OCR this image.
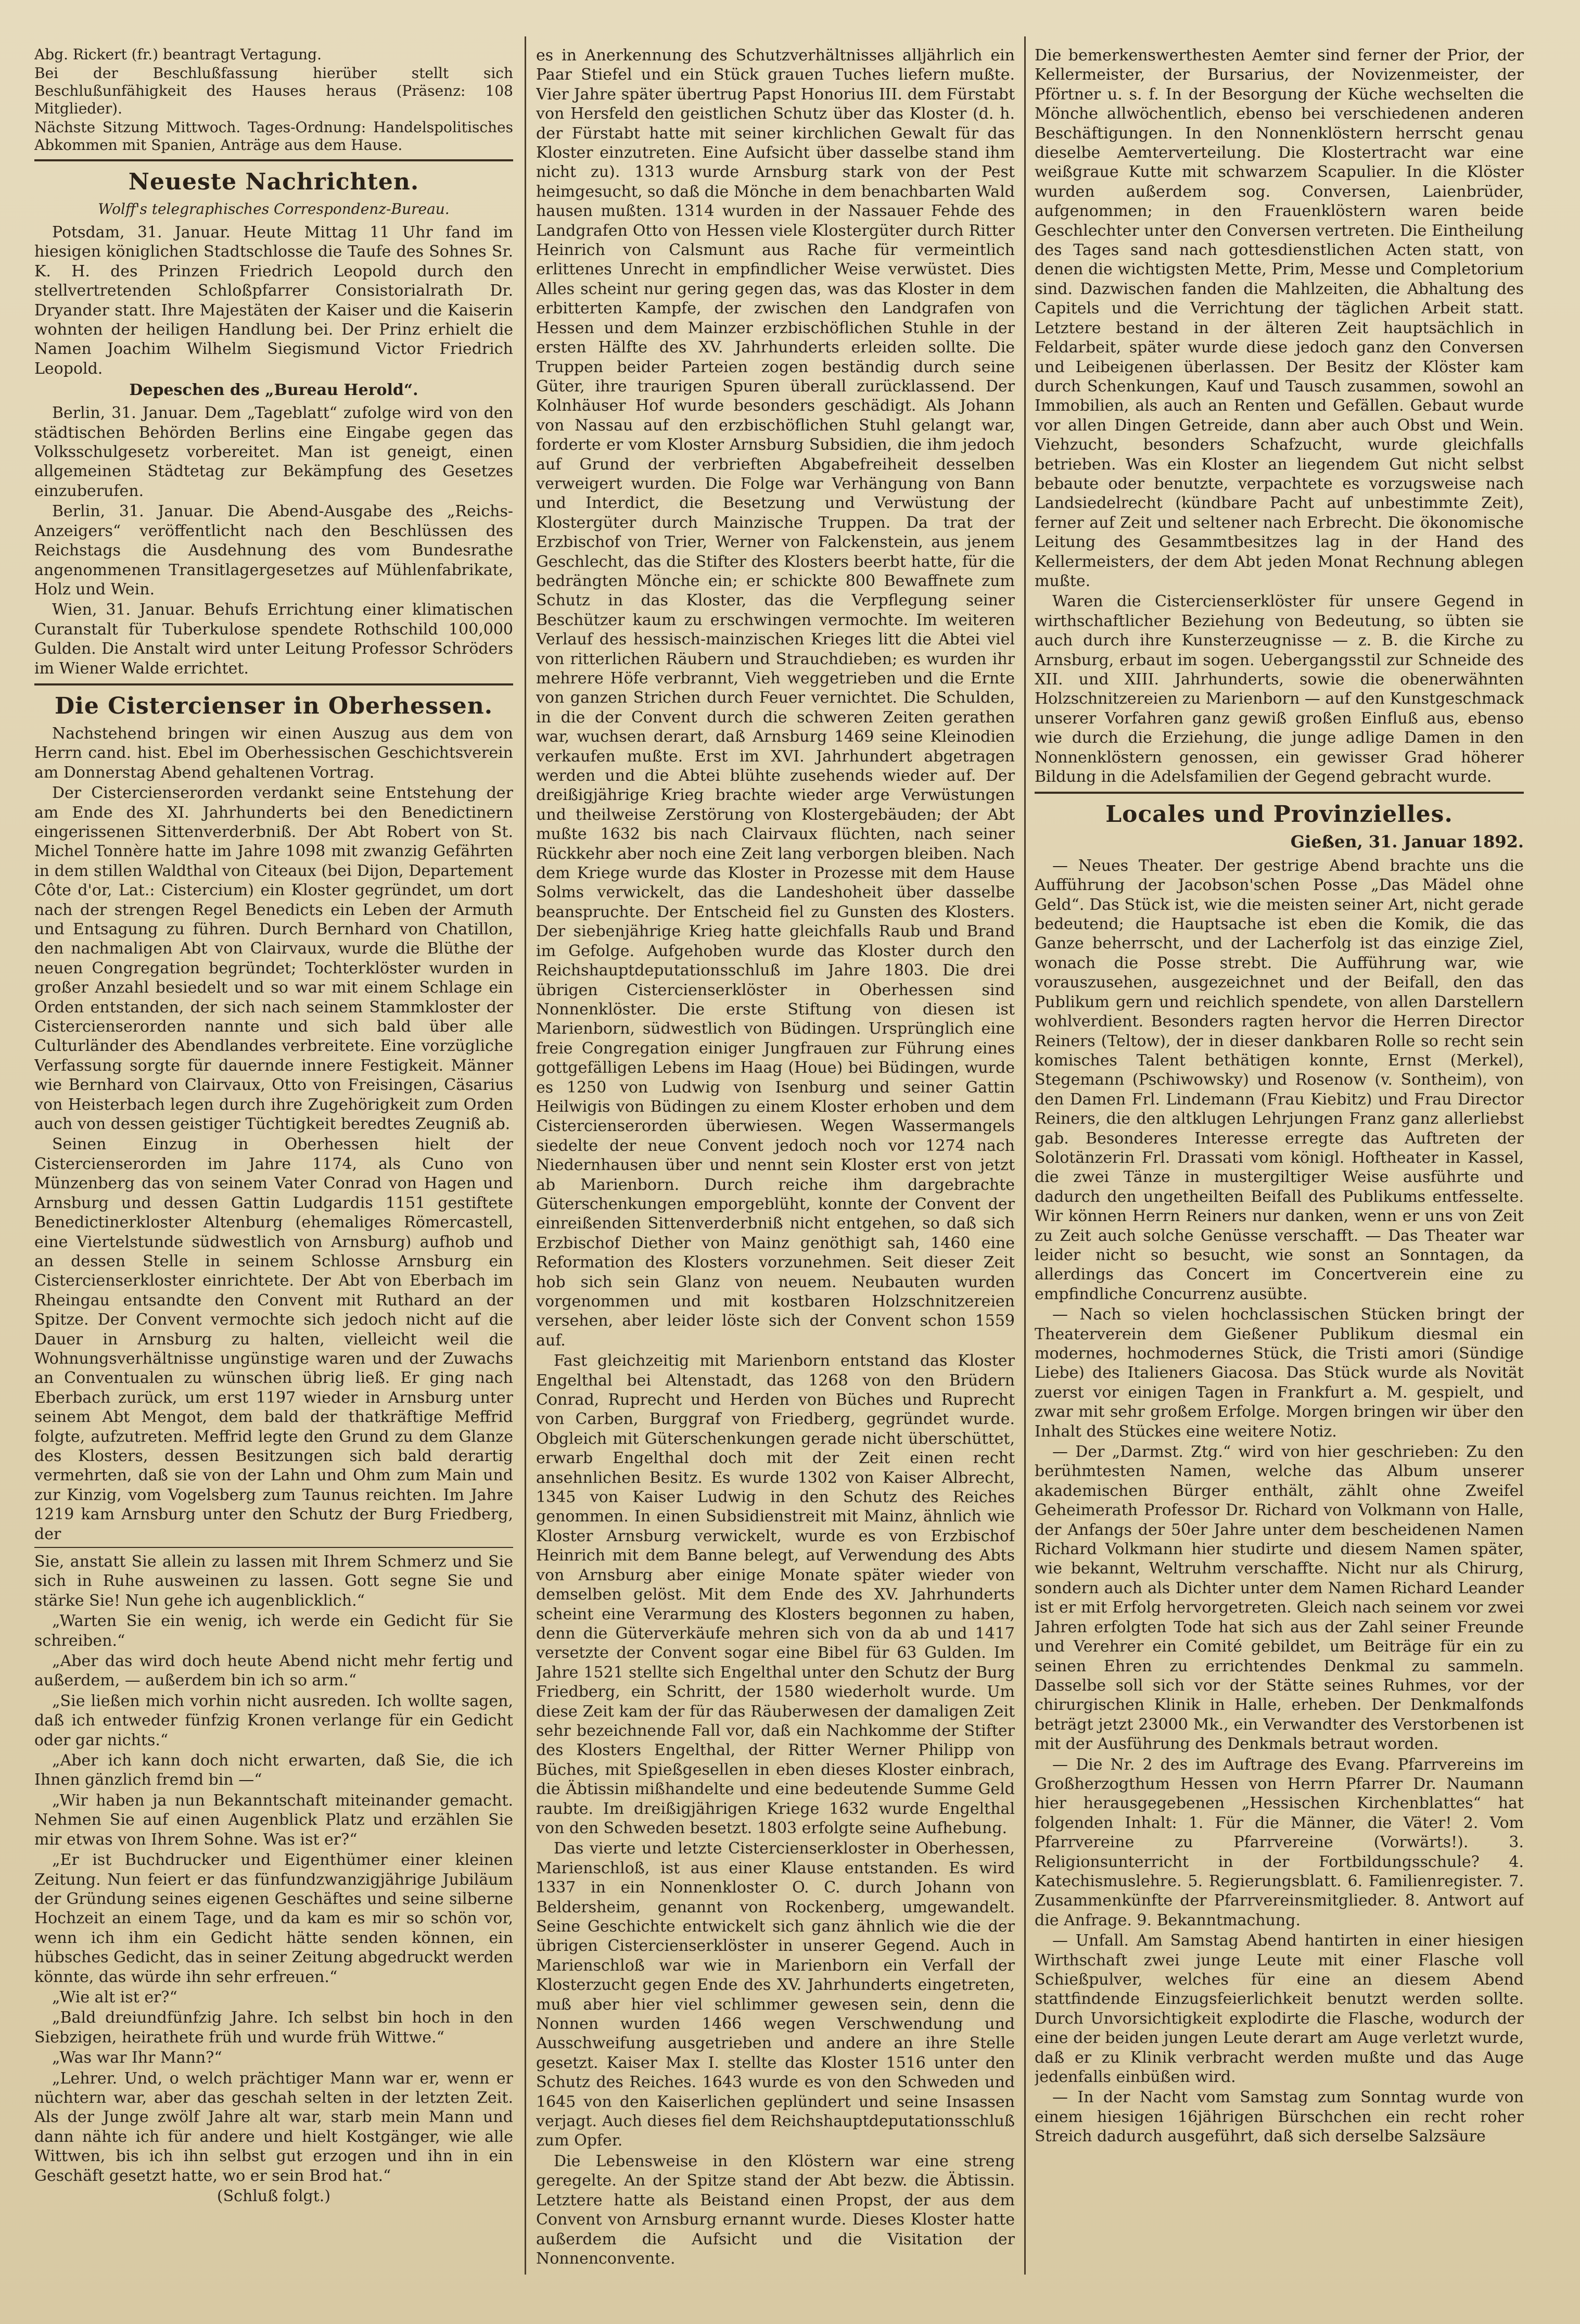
Abg. Rickert (fr.) beantragt Vertagung.

Bei der Beschlußfassung hierüber stellt sich Beschlußunfähigkeit des Hauses heraus (Präsenz: 108 Mitglieder).

Nächste Sitzung Mittwoch. Tages-Ordnung: Handelspolitisches Abkommen mit Spanien, Anträge aus dem Hause.

Neueste Nachrichten.
Wolff's telegraphisches Correspondenz-Bureau.

Potsdam, 31. Januar. Heute Mittag 11 Uhr fand im hiesigen königlichen Stadtschlosse die Taufe des Sohnes Sr. K. H. des Prinzen Friedrich Leopold durch den stellvertretenden Schloßpfarrer Consistorialrath Dr. Dryander statt. Ihre Majestäten der Kaiser und die Kaiserin wohnten der heiligen Handlung bei. Der Prinz erhielt die Namen Joachim Wilhelm Siegismund Victor Friedrich Leopold.

Depeschen des „Bureau Herold“.

Berlin, 31. Januar. Dem „Tageblatt“ zufolge wird von den städtischen Behörden Berlins eine Eingabe gegen das Volksschulgesetz vorbereitet. Man ist geneigt, einen allgemeinen Städtetag zur Bekämpfung des Gesetzes einzuberufen.

Berlin, 31. Januar. Die Abend-Ausgabe des „Reichs-Anzeigers“ veröffentlicht nach den Beschlüssen des Reichstags die Ausdehnung des vom Bundesrathe angenommenen Transitlagergesetzes auf Mühlenfabrikate, Holz und Wein.

Wien, 31. Januar. Behufs Errichtung einer klimatischen Curanstalt für Tuberkulose spendete Rothschild 100,000 Gulden. Die Anstalt wird unter Leitung Professor Schröders im Wiener Walde errichtet.

Die Cistercienser in Oberhessen.

Nachstehend bringen wir einen Auszug aus dem von Herrn cand. hist. Ebel im Oberhessischen Geschichtsverein am Donnerstag Abend gehaltenen Vortrag.

Der Cistercienserorden verdankt seine Entstehung der am Ende des XI. Jahrhunderts bei den Benedictinern eingerissenen Sittenverderbniß. Der Abt Robert von St. Michel Tonnère hatte im Jahre 1098 mit zwanzig Gefährten in dem stillen Waldthal von Citeaux (bei Dijon, Departement Côte d'or, Lat.: Cistercium) ein Kloster gegründet, um dort nach der strengen Regel Benedicts ein Leben der Armuth und Entsagung zu führen. Durch Bernhard von Chatillon, den nachmaligen Abt von Clairvaux, wurde die Blüthe der neuen Congregation begründet; Tochterklöster wurden in großer Anzahl besiedelt und so war mit einem Schlage ein Orden entstanden, der sich nach seinem Stammkloster der Cistercienserorden nannte und sich bald über alle Culturländer des Abendlandes verbreitete. Eine vorzügliche Verfassung sorgte für dauernde innere Festigkeit. Männer wie Bernhard von Clairvaux, Otto von Freisingen, Cäsarius von Heisterbach legen durch ihre Zugehörigkeit zum Orden auch von dessen geistiger Tüchtigkeit beredtes Zeugniß ab.

Seinen Einzug in Oberhessen hielt der Cistercienserorden im Jahre 1174, als Cuno von Münzenberg das von seinem Vater Conrad von Hagen und Arnsburg und dessen Gattin Ludgardis 1151 gestiftete Benedictinerkloster Altenburg (ehemaliges Römercastell, eine Viertelstunde südwestlich von Arnsburg) aufhob und an dessen Stelle in seinem Schlosse Arnsburg ein Cistercienserkloster einrichtete. Der Abt von Eberbach im Rheingau entsandte den Convent mit Ruthard an der Spitze. Der Convent vermochte sich jedoch nicht auf die Dauer in Arnsburg zu halten, vielleicht weil die Wohnungsverhältnisse ungünstige waren und der Zuwachs an Conventualen zu wünschen übrig ließ. Er ging nach Eberbach zurück, um erst 1197 wieder in Arnsburg unter seinem Abt Mengot, dem bald der thatkräftige Meffrid folgte, aufzutreten. Meffrid legte den Grund zu dem Glanze des Klosters, dessen Besitzungen sich bald derartig vermehrten, daß sie von der Lahn und Ohm zum Main und zur Kinzig, vom Vogelsberg zum Taunus reichten. Im Jahre 1219 kam Arnsburg unter den Schutz der Burg Friedberg, der

Sie, anstatt Sie allein zu lassen mit Ihrem Schmerz und Sie sich in Ruhe ausweinen zu lassen. Gott segne Sie und stärke Sie! Nun gehe ich augenblicklich.“

„Warten Sie ein wenig, ich werde ein Gedicht für Sie schreiben.“

„Aber das wird doch heute Abend nicht mehr fertig und außerdem, — außerdem bin ich so arm.“

„Sie ließen mich vorhin nicht ausreden. Ich wollte sagen, daß ich entweder fünfzig Kronen verlange für ein Gedicht oder gar nichts.“

„Aber ich kann doch nicht erwarten, daß Sie, die ich Ihnen gänzlich fremd bin —“

„Wir haben ja nun Bekanntschaft miteinander gemacht. Nehmen Sie auf einen Augenblick Platz und erzählen Sie mir etwas von Ihrem Sohne. Was ist er?“

„Er ist Buchdrucker und Eigenthümer einer kleinen Zeitung. Nun feiert er das fünfundzwanzigjährige Jubiläum der Gründung seines eigenen Geschäftes und seine silberne Hochzeit an einem Tage, und da kam es mir so schön vor, wenn ich ihm ein Gedicht hätte senden können, ein hübsches Gedicht, das in seiner Zeitung abgedruckt werden könnte, das würde ihn sehr erfreuen.“

„Wie alt ist er?“

„Bald dreiundfünfzig Jahre. Ich selbst bin hoch in den Siebzigen, heirathete früh und wurde früh Wittwe.“

„Was war Ihr Mann?“

„Lehrer. Und, o welch prächtiger Mann war er, wenn er nüchtern war, aber das geschah selten in der letzten Zeit. Als der Junge zwölf Jahre alt war, starb mein Mann und dann nähte ich für andere und hielt Kostgänger, wie alle Wittwen, bis ich ihn selbst gut erzogen und ihn in ein Geschäft gesetzt hatte, wo er sein Brod hat.“

(Schluß folgt.)

es in Anerkennung des Schutzverhältnisses alljährlich ein Paar Stiefel und ein Stück grauen Tuches liefern mußte. Vier Jahre später übertrug Papst Honorius III. dem Fürstabt von Hersfeld den geistlichen Schutz über das Kloster (d. h. der Fürstabt hatte mit seiner kirchlichen Gewalt für das Kloster einzutreten. Eine Aufsicht über dasselbe stand ihm nicht zu). 1313 wurde Arnsburg stark von der Pest heimgesucht, so daß die Mönche in dem benachbarten Wald hausen mußten. 1314 wurden in der Nassauer Fehde des Landgrafen Otto von Hessen viele Klostergüter durch Ritter Heinrich von Calsmunt aus Rache für vermeintlich erlittenes Unrecht in empfindlicher Weise verwüstet. Dies Alles scheint nur gering gegen das, was das Kloster in dem erbitterten Kampfe, der zwischen den Landgrafen von Hessen und dem Mainzer erzbischöflichen Stuhle in der ersten Hälfte des XV. Jahrhunderts erleiden sollte. Die Truppen beider Parteien zogen beständig durch seine Güter, ihre traurigen Spuren überall zurücklassend. Der Kolnhäuser Hof wurde besonders geschädigt. Als Johann von Nassau auf den erzbischöflichen Stuhl gelangt war, forderte er vom Kloster Arnsburg Subsidien, die ihm jedoch auf Grund der verbrieften Abgabefreiheit desselben verweigert wurden. Die Folge war Verhängung von Bann und Interdict, die Besetzung und Verwüstung der Klostergüter durch Mainzische Truppen. Da trat der Erzbischof von Trier, Werner von Falckenstein, aus jenem Geschlecht, das die Stifter des Klosters beerbt hatte, für die bedrängten Mönche ein; er schickte 800 Bewaffnete zum Schutz in das Kloster, das die Verpflegung seiner Beschützer kaum zu erschwingen vermochte. Im weiteren Verlauf des hessisch-mainzischen Krieges litt die Abtei viel von ritterlichen Räubern und Strauchdieben; es wurden ihr mehrere Höfe verbrannt, Vieh weggetrieben und die Ernte von ganzen Strichen durch Feuer vernichtet. Die Schulden, in die der Convent durch die schweren Zeiten gerathen war, wuchsen derart, daß Arnsburg 1469 seine Kleinodien verkaufen mußte. Erst im XVI. Jahrhundert abgetragen werden und die Abtei blühte zusehends wieder auf. Der dreißigjährige Krieg brachte wieder arge Verwüstungen und theilweise Zerstörung von Klostergebäuden; der Abt mußte 1632 bis nach Clairvaux flüchten, nach seiner Rückkehr aber noch eine Zeit lang verborgen bleiben. Nach dem Kriege wurde das Kloster in Prozesse mit dem Hause Solms verwickelt, das die Landeshoheit über dasselbe beanspruchte. Der Entscheid fiel zu Gunsten des Klosters. Der siebenjährige Krieg hatte gleichfalls Raub und Brand im Gefolge. Aufgehoben wurde das Kloster durch den Reichshauptdeputationsschluß im Jahre 1803. Die drei übrigen Cistercienserklöster in Oberhessen sind Nonnenklöster. Die erste Stiftung von diesen ist Marienborn, südwestlich von Büdingen. Ursprünglich eine freie Congregation einiger Jungfrauen zur Führung eines gottgefälligen Lebens im Haag (Houe) bei Büdingen, wurde es 1250 von Ludwig von Isenburg und seiner Gattin Heilwigis von Büdingen zu einem Kloster erhoben und dem Cistercienserorden überwiesen. Wegen Wassermangels siedelte der neue Convent jedoch noch vor 1274 nach Niedernhausen über und nennt sein Kloster erst von jetzt ab Marienborn. Durch reiche ihm dargebrachte Güterschenkungen emporgeblüht, konnte der Convent der einreißenden Sittenverderbniß nicht entgehen, so daß sich Erzbischof Diether von Mainz genöthigt sah, 1460 eine Reformation des Klosters vorzunehmen. Seit dieser Zeit hob sich sein Glanz von neuem. Neubauten wurden vorgenommen und mit kostbaren Holzschnitzereien versehen, aber leider löste sich der Convent schon 1559 auf.

Fast gleichzeitig mit Marienborn entstand das Kloster Engelthal bei Altenstadt, das 1268 von den Brüdern Conrad, Ruprecht und Herden von Büches und Ruprecht von Carben, Burggraf von Friedberg, gegründet wurde. Obgleich mit Güterschenkungen gerade nicht überschüttet, erwarb Engelthal doch mit der Zeit einen recht ansehnlichen Besitz. Es wurde 1302 von Kaiser Albrecht, 1345 von Kaiser Ludwig in den Schutz des Reiches genommen. In einen Subsidienstreit mit Mainz, ähnlich wie Kloster Arnsburg verwickelt, wurde es von Erzbischof Heinrich mit dem Banne belegt, auf Verwendung des Abts von Arnsburg aber einige Monate später wieder von demselben gelöst. Mit dem Ende des XV. Jahrhunderts scheint eine Verarmung des Klosters begonnen zu haben, denn die Güterverkäufe mehren sich von da ab und 1417 versetzte der Convent sogar eine Bibel für 63 Gulden. Im Jahre 1521 stellte sich Engelthal unter den Schutz der Burg Friedberg, ein Schritt, der 1580 wiederholt wurde. Um diese Zeit kam der für das Räuberwesen der damaligen Zeit sehr bezeichnende Fall vor, daß ein Nachkomme der Stifter des Klosters Engelthal, der Ritter Werner Philipp von Büches, mit Spießgesellen in eben dieses Kloster einbrach, die Äbtissin mißhandelte und eine bedeutende Summe Geld raubte. Im dreißigjährigen Kriege 1632 wurde Engelthal von den Schweden besetzt. 1803 erfolgte seine Aufhebung.

Das vierte und letzte Cistercienserkloster in Oberhessen, Marienschloß, ist aus einer Klause entstanden. Es wird 1337 in ein Nonnenkloster O. C. durch Johann von Beldersheim, genannt von Rockenberg, umgewandelt. Seine Geschichte entwickelt sich ganz ähnlich wie die der übrigen Cistercienserklöster in unserer Gegend. Auch in Marienschloß war wie in Marienborn ein Verfall der Klosterzucht gegen Ende des XV. Jahrhunderts eingetreten, muß aber hier viel schlimmer gewesen sein, denn die Nonnen wurden 1466 wegen Verschwendung und Ausschweifung ausgetrieben und andere an ihre Stelle gesetzt. Kaiser Max I. stellte das Kloster 1516 unter den Schutz des Reiches. 1643 wurde es von den Schweden und 1645 von den Kaiserlichen geplündert und seine Insassen verjagt. Auch dieses fiel dem Reichshauptdeputationsschluß zum Opfer.

Die Lebensweise in den Klöstern war eine streng geregelte. An der Spitze stand der Abt bezw. die Äbtissin. Letztere hatte als Beistand einen Propst, der aus dem Convent von Arnsburg ernannt wurde. Dieses Kloster hatte außerdem die Aufsicht und die Visitation der Nonnenconvente.

Die bemerkenswerthesten Aemter sind ferner der Prior, der Kellermeister, der Bursarius, der Novizenmeister, der Pförtner u. s. f. In der Besorgung der Küche wechselten die Mönche allwöchentlich, ebenso bei verschiedenen anderen Beschäftigungen. In den Nonnenklöstern herrscht genau dieselbe Aemterverteilung. Die Klostertracht war eine weißgraue Kutte mit schwarzem Scapulier. In die Klöster wurden außerdem sog. Conversen, Laienbrüder, aufgenommen; in den Frauenklöstern waren beide Geschlechter unter den Conversen vertreten. Die Eintheilung des Tages sand nach gottesdienstlichen Acten statt, von denen die wichtigsten Mette, Prim, Messe und Completorium sind. Dazwischen fanden die Mahlzeiten, die Abhaltung des Capitels und die Verrichtung der täglichen Arbeit statt. Letztere bestand in der älteren Zeit hauptsächlich in Feldarbeit, später wurde diese jedoch ganz den Conversen und Leibeigenen überlassen. Der Besitz der Klöster kam durch Schenkungen, Kauf und Tausch zusammen, sowohl an Immobilien, als auch an Renten und Gefällen. Gebaut wurde vor allen Dingen Getreide, dann aber auch Obst und Wein. Viehzucht, besonders Schafzucht, wurde gleichfalls betrieben. Was ein Kloster an liegendem Gut nicht selbst bebaute oder benutzte, verpachtete es vorzugsweise nach Landsiedelrecht (kündbare Pacht auf unbestimmte Zeit), ferner auf Zeit und seltener nach Erbrecht. Die ökonomische Leitung des Gesammtbesitzes lag in der Hand des Kellermeisters, der dem Abt jeden Monat Rechnung ablegen mußte.

Waren die Cistercienserklöster für unsere Gegend in wirthschaftlicher Beziehung von Bedeutung, so übten sie auch durch ihre Kunsterzeugnisse — z. B. die Kirche zu Arnsburg, erbaut im sogen. Uebergangsstil zur Schneide des XII. und XIII. Jahrhunderts, sowie die obenerwähnten Holzschnitzereien zu Marienborn — auf den Kunstgeschmack unserer Vorfahren ganz gewiß großen Einfluß aus, ebenso wie durch die Erziehung, die junge adlige Damen in den Nonnenklöstern genossen, ein gewisser Grad höherer Bildung in die Adelsfamilien der Gegend gebracht wurde.

Locales und Provinzielles.
Gießen, 31. Januar 1892.

— Neues Theater. Der gestrige Abend brachte uns die Aufführung der Jacobson'schen Posse „Das Mädel ohne Geld“. Das Stück ist, wie die meisten seiner Art, nicht gerade bedeutend; die Hauptsache ist eben die Komik, die das Ganze beherrscht, und der Lacherfolg ist das einzige Ziel, wonach die Posse strebt. Die Aufführung war, wie vorauszusehen, ausgezeichnet und der Beifall, den das Publikum gern und reichlich spendete, von allen Darstellern wohlverdient. Besonders ragten hervor die Herren Director Reiners (Teltow), der in dieser dankbaren Rolle so recht sein komisches Talent bethätigen konnte, Ernst (Merkel), Stegemann (Pschiwowsky) und Rosenow (v. Sontheim), von den Damen Frl. Lindemann (Frau Kiebitz) und Frau Director Reiners, die den altklugen Lehrjungen Franz ganz allerliebst gab. Besonderes Interesse erregte das Auftreten der Solotänzerin Frl. Drassati vom königl. Hoftheater in Kassel, die zwei Tänze in mustergiltiger Weise ausführte und dadurch den ungetheilten Beifall des Publikums entfesselte. Wir können Herrn Reiners nur danken, wenn er uns von Zeit zu Zeit auch solche Genüsse verschafft. — Das Theater war leider nicht so besucht, wie sonst an Sonntagen, da allerdings das Concert im Concertverein eine zu empfindliche Concurrenz ausübte.

— Nach so vielen hochclassischen Stücken bringt der Theaterverein dem Gießener Publikum diesmal ein modernes, hochmodernes Stück, die Tristi amori (Sündige Liebe) des Italieners Giacosa. Das Stück wurde als Novität zuerst vor einigen Tagen in Frankfurt a. M. gespielt, und zwar mit sehr großem Erfolge. Morgen bringen wir über den Inhalt des Stückes eine weitere Notiz.

— Der „Darmst. Ztg.“ wird von hier geschrieben: Zu den berühmtesten Namen, welche das Album unserer akademischen Bürger enthält, zählt ohne Zweifel Geheimerath Professor Dr. Richard von Volkmann von Halle, der Anfangs der 50er Jahre unter dem bescheidenen Namen Richard Volkmann hier studirte und diesem Namen später, wie bekannt, Weltruhm verschaffte. Nicht nur als Chirurg, sondern auch als Dichter unter dem Namen Richard Leander ist er mit Erfolg hervorgetreten. Gleich nach seinem vor zwei Jahren erfolgten Tode hat sich aus der Zahl seiner Freunde und Verehrer ein Comité gebildet, um Beiträge für ein zu seinen Ehren zu errichtendes Denkmal zu sammeln. Dasselbe soll sich vor der Stätte seines Ruhmes, vor der chirurgischen Klinik in Halle, erheben. Der Denkmalfonds beträgt jetzt 23000 Mk., ein Verwandter des Verstorbenen ist mit der Ausführung des Denkmals betraut worden.

— Die Nr. 2 des im Auftrage des Evang. Pfarrvereins im Großherzogthum Hessen von Herrn Pfarrer Dr. Naumann hier herausgegebenen „Hessischen Kirchenblattes“ hat folgenden Inhalt: 1. Für die Männer, die Väter! 2. Vom Pfarrvereine zu Pfarrvereine (Vorwärts!). 3. Religionsunterricht in der Fortbildungsschule? 4. Katechismuslehre. 5. Regierungsblatt. 6. Familienregister. 7. Zusammenkünfte der Pfarrvereinsmitglieder. 8. Antwort auf die Anfrage. 9. Bekanntmachung.

— Unfall. Am Samstag Abend hantirten in einer hiesigen Wirthschaft zwei junge Leute mit einer Flasche voll Schießpulver, welches für eine an diesem Abend stattfindende Einzugsfeierlichkeit benutzt werden sollte. Durch Unvorsichtigkeit explodirte die Flasche, wodurch der eine der beiden jungen Leute derart am Auge verletzt wurde, daß er zu Klinik verbracht werden mußte und das Auge jedenfalls einbüßen wird.

— In der Nacht vom Samstag zum Sonntag wurde von einem hiesigen 16jährigen Bürschchen ein recht roher Streich dadurch ausgeführt, daß sich derselbe Salzsäure
